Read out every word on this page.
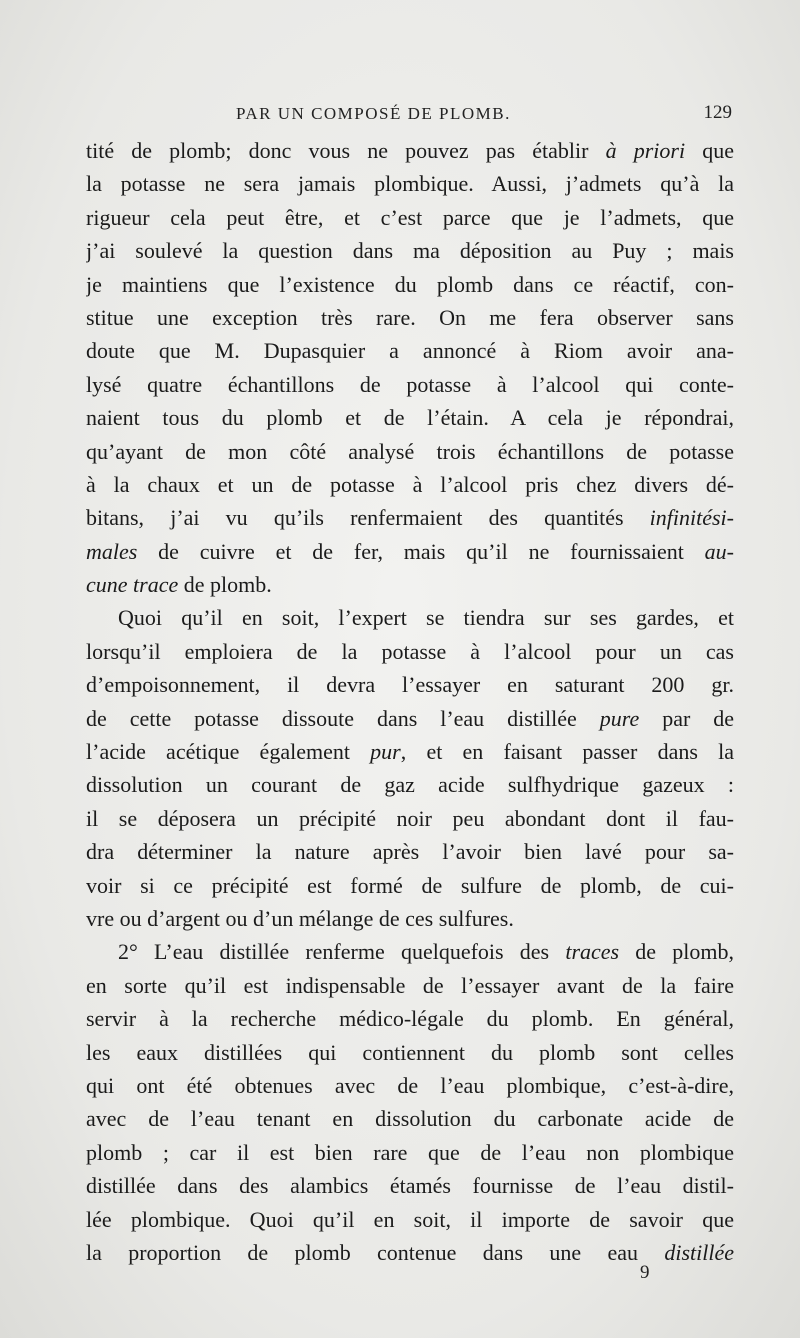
PAR UN COMPOSÉ DE PLOMB.	129
tité de plomb; donc vous ne pouvez pas établir à priori que
la potasse ne sera jamais plombique. Aussi, j’admets qu’à la
rigueur cela peut être, et c’est parce que je l’admets, que
j’ai soulevé la question dans ma déposition au Puy ; mais
je maintiens que l’existence du plomb dans ce réactif, con-
stitue une exception très rare. On me fera observer sans
doute que M. Dupasquier a annoncé à Riom avoir ana-
lysé quatre échantillons de potasse à l’alcool qui conte-
naient tous du plomb et de l’étain. A cela je répondrai,
qu’ayant de mon côté analysé trois échantillons de potasse
à la chaux et un de potasse à l’alcool pris chez divers dé-
bitans, j’ai vu qu’ils renfermaient des quantités infinitési-
males de cuivre et de fer, mais qu’il ne fournissaient au-
cune trace de plomb.
Quoi qu’il en soit, l’expert se tiendra sur ses gardes, et
lorsqu’il emploiera de la potasse à l’alcool pour un cas
d’empoisonnement, il devra l’essayer en saturant 200 gr.
de cette potasse dissoute dans l’eau distillée pure par de
l’acide acétique également pur, et en faisant passer dans la
dissolution un courant de gaz acide sulfhydrique gazeux :
il se déposera un précipité noir peu abondant dont il fau-
dra déterminer la nature après l’avoir bien lavé pour sa-
voir si ce précipité est formé de sulfure de plomb, de cui-
vre ou d’argent ou d’un mélange de ces sulfures.
2° L’eau distillée renferme quelquefois des traces de plomb,
en sorte qu’il est indispensable de l’essayer avant de la faire
servir à la recherche médico-légale du plomb. En général,
les eaux distillées qui contiennent du plomb sont celles
qui ont été obtenues avec de l’eau plombique, c’est-à-dire,
avec de l’eau tenant en dissolution du carbonate acide de
plomb ; car il est bien rare que de l’eau non plombique
distillée dans des alambics étamés fournisse de l’eau distil-
lée plombique. Quoi qu’il en soit, il importe de savoir que
la proportion de plomb contenue dans une eau distillée
9
